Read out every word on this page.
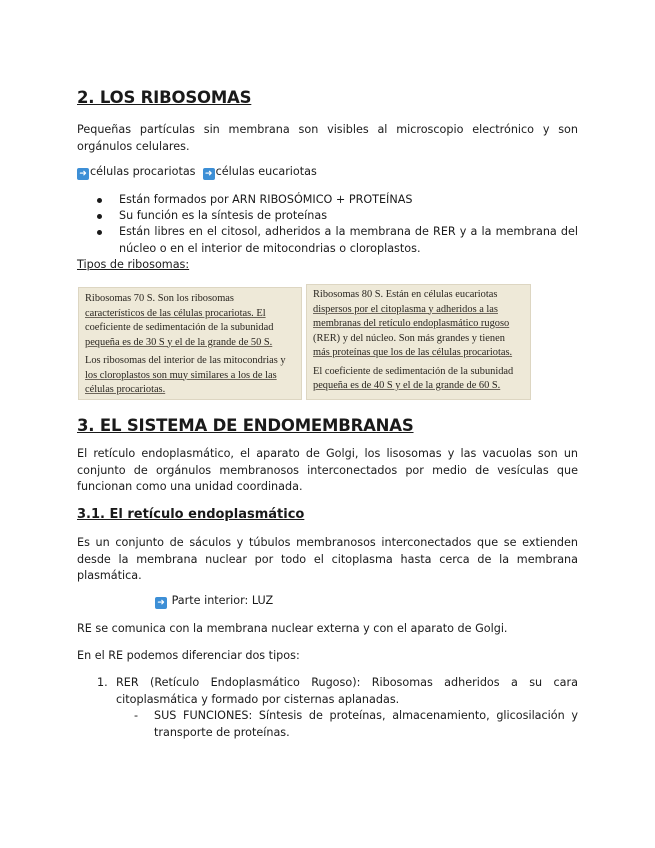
2. LOS RIBOSOMAS

Pequeñas partículas sin membrana son visibles al microscopio electrónico y son orgánulos celulares.

➜ células procariotas ➜ células eucariotas
Están formados por ARN RIBOSÓMICO + PROTEÍNAS
Su función es la síntesis de proteínas
Están libres en el citosol, adheridos a la membrana de RER y a la membrana del núcleo o en el interior de mitocondrias o cloroplastos.
Tipos de ribosomas:
Ribosomas 70 S. Son los ribosomas
característicos de las células procariotas. El
coeficiente de sedimentación de la subunidad
pequeña es de 30 S y el de la grande de 50 S.
Los ribosomas del interior de las mitocondrias y
los cloroplastos son muy similares a los de las
células procariotas.
Ribosomas 80 S. Están en células eucariotas
dispersos por el citoplasma y adheridos a las
membranas del retículo endoplasmático rugoso
(RER) y del núcleo. Son más grandes y tienen
más proteínas que los de las células procariotas.
El coeficiente de sedimentación de la subunidad
pequeña es de 40 S y el de la grande de 60 S.
3. EL SISTEMA DE ENDOMEMBRANAS

El retículo endoplasmático, el aparato de Golgi, los lisosomas y las vacuolas son un conjunto de orgánulos membranosos interconectados por medio de vesículas que funcionan como una unidad coordinada.

3.1. El retículo endoplasmático

Es un conjunto de sáculos y túbulos membranosos interconectados que se extienden desde la membrana nuclear por todo el citoplasma hasta cerca de la membrana plasmática.

➜ Parte interior: LUZ

RE se comunica con la membrana nuclear externa y con el aparato de Golgi.

En el RE podemos diferenciar dos tipos:

1. RER (Retículo Endoplasmático Rugoso): Ribosomas adheridos a su cara citoplasmática y formado por cisternas aplanadas.
- SUS FUNCIONES: Síntesis de proteínas, almacenamiento, glicosilación y transporte de proteínas.
